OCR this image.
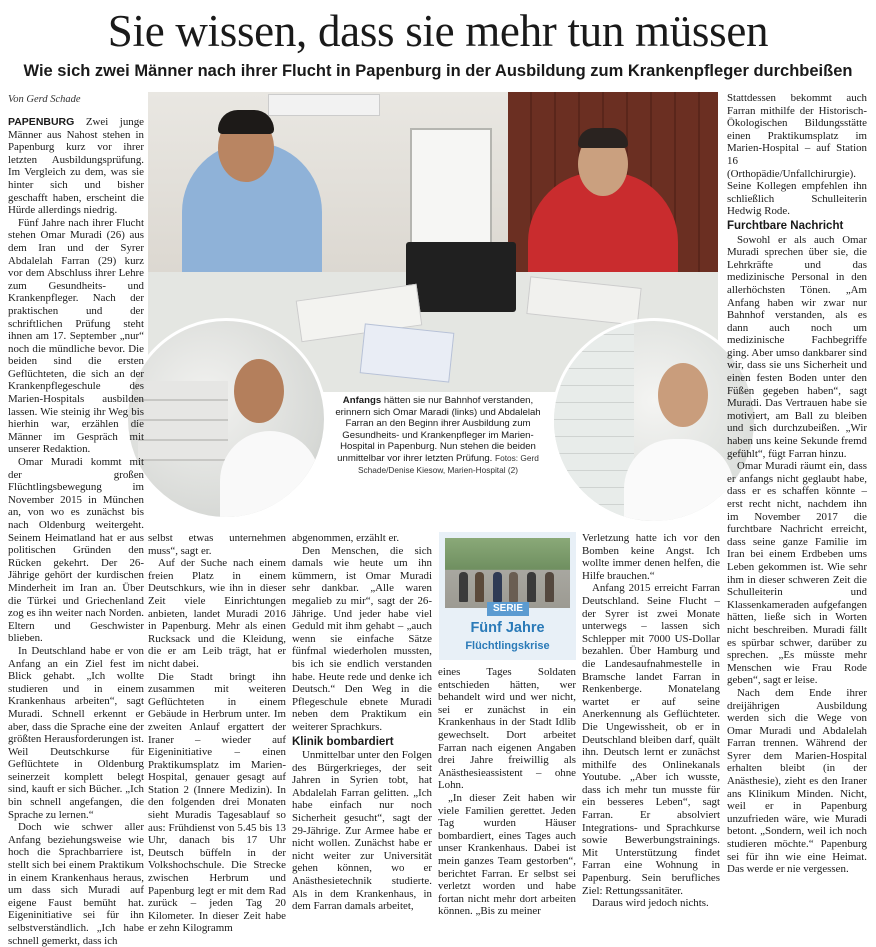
Sie wissen, dass sie mehr tun müssen
Wie sich zwei Männer nach ihrer Flucht in Papenburg in der Ausbildung zum Krankenpfleger durchbeißen
Von Gerd Schade
Anfangs hätten sie nur Bahnhof verstanden, erinnern sich Omar Maradi (links) und Abdalelah Farran an den Beginn ihrer Ausbildung zum Gesundheits- und Krankenpfleger im Marien-Hospital in Papenburg. Nun stehen die beiden unmittelbar vor ihrer letzten Prüfung. Fotos: Gerd Schade/Denise Kiesow, Marien-Hospital (2)

PAPENBURG Zwei junge Männer aus Nahost stehen in Papenburg kurz vor ihrer letzten Ausbildungsprüfung. Im Vergleich zu dem, was sie hinter sich und bisher geschafft haben, erscheint die Hürde allerdings niedrig.

Fünf Jahre nach ihrer Flucht stehen Omar Muradi (26) aus dem Iran und der Syrer Abdalelah Farran (29) kurz vor dem Abschluss ihrer Lehre zum Gesundheits- und Krankenpfleger. Nach der praktischen und der schriftlichen Prüfung steht ihnen am 17. September „nur“ noch die mündliche bevor. Die beiden sind die ersten Geflüchteten, die sich an der Krankenpflegeschule des Marien-Hospitals ausbilden lassen. Wie steinig ihr Weg bis hierhin war, erzählen die Männer im Gespräch mit unserer Redaktion.

Omar Muradi kommt mit der großen Flüchtlingsbewegung im November 2015 in München an, von wo es zunächst bis nach Oldenburg weitergeht. Seinem Heimatland hat er aus politischen Gründen den Rücken gekehrt. Der 26-Jährige gehört der kurdischen Minderheit im Iran an. Über die Türkei und Griechenland zog es ihn weiter nach Norden. Eltern und Geschwister blieben.

In Deutschland habe er von Anfang an ein Ziel fest im Blick gehabt. „Ich wollte studieren und in einem Krankenhaus arbeiten“, sagt Muradi. Schnell erkennt er aber, dass die Sprache eine der größten Herausforderungen ist. Weil Deutschkurse für Geflüchtete in Oldenburg seinerzeit komplett belegt sind, kauft er sich Bücher. „Ich bin schnell angefangen, die Sprache zu lernen.“

Doch wie schwer aller Anfang beziehungsweise wie hoch die Sprachbarriere ist, stellt sich bei einem Praktikum in einem Krankenhaus heraus, um dass sich Muradi auf eigene Faust bemüht hat. Eigeninitiative sei für ihn selbstverständlich. „Ich habe schnell gemerkt, dass ich

selbst etwas unternehmen muss“, sagt er.

Auf der Suche nach einem freien Platz in einem Deutschkurs, wie ihn in dieser Zeit viele Einrichtungen anbieten, landet Muradi 2016 in Papenburg. Mehr als einen Rucksack und die Kleidung, die er am Leib trägt, hat er nicht dabei.

Die Stadt bringt ihn zusammen mit weiteren Geflüchteten in einem Gebäude in Herbrum unter. Im zweiten Anlauf ergattert der Iraner – wieder auf Eigeninitiative – einen Praktikumsplatz im Marien-Hospital, genauer gesagt auf Station 2 (Innere Medizin). In den folgenden drei Monaten sieht Muradis Tagesablauf so aus: Frühdienst von 5.45 bis 13 Uhr, danach bis 17 Uhr Deutsch büffeln in der Volkshochschule. Die Strecke zwischen Herbrum und Papenburg legt er mit dem Rad zurück – jeden Tag 20 Kilometer. In dieser Zeit habe er zehn Kilogramm

abgenommen, erzählt er.

Den Menschen, die sich damals wie heute um ihn kümmern, ist Omar Muradi sehr dankbar. „Alle waren megalieb zu mir“, sagt der 26-Jährige. Und jeder habe viel Geduld mit ihm gehabt – „auch wenn sie einfache Sätze fünfmal wiederholen mussten, bis ich sie endlich verstanden habe. Heute rede und denke ich Deutsch.“ Den Weg in die Pflegeschule ebnete Muradi neben dem Praktikum ein weiterer Sprachkurs.

Klinik bombardiert

Unmittelbar unter den Folgen des Bürgerkrieges, der seit Jahren in Syrien tobt, hat Abdalelah Farran gelitten. „Ich habe einfach nur noch Sicherheit gesucht“, sagt der 29-Jährige. Zur Armee habe er nicht wollen. Zunächst habe er nicht weiter zur Universität gehen können, wo er Anästhesietechnik studierte. Als in dem Krankenhaus, in dem Farran damals arbeitet,

SERIE
Fünf Jahre
Flüchtlingskrise

eines Tages Soldaten entschieden hätten, wer behandelt wird und wer nicht, sei er zunächst in ein Krankenhaus in der Stadt Idlib gewechselt. Dort arbeitet Farran nach eigenen Angaben drei Jahre freiwillig als Anästhesieassistent – ohne Lohn.

„In dieser Zeit haben wir viele Familien gerettet. Jeden Tag wurden Häuser bombardiert, eines Tages auch unser Krankenhaus. Dabei ist mein ganzes Team gestorben“, berichtet Farran. Er selbst sei verletzt worden und habe fortan nicht mehr dort arbeiten können. „Bis zu meiner

Verletzung hatte ich vor den Bomben keine Angst. Ich wollte immer denen helfen, die Hilfe brauchen.“

Anfang 2015 erreicht Farran Deutschland. Seine Flucht – der Syrer ist zwei Monate unterwegs – lassen sich Schlepper mit 7000 US-Dollar bezahlen. Über Hamburg und die Landesaufnahmestelle in Bramsche landet Farran in Renkenberge. Monatelang wartet er auf seine Anerkennung als Geflüchteter. Die Ungewissheit, ob er in Deutschland bleiben darf, quält ihn. Deutsch lernt er zunächst mithilfe des Onlinekanals Youtube. „Aber ich wusste, dass ich mehr tun musste für ein besseres Leben“, sagt Farran. Er absolviert Integrations- und Sprachkurse sowie Bewerbungstrainings. Mit Unterstützung findet Farran eine Wohnung in Papenburg. Sein berufliches Ziel: Rettungssanitäter.

Daraus wird jedoch nichts.

Stattdessen bekommt auch Farran mithilfe der Historisch-Ökologischen Bildungsstätte einen Praktikumsplatz im Marien-Hospital – auf Station 16 (Orthopädie/Unfallchirurgie). Seine Kollegen empfehlen ihn schließlich Schulleiterin Hedwig Rode.

Furchtbare Nachricht

Sowohl er als auch Omar Muradi sprechen über sie, die Lehrkräfte und das medizinische Personal in den allerhöchsten Tönen. „Am Anfang haben wir zwar nur Bahnhof verstanden, als es dann auch noch um medizinische Fachbegriffe ging. Aber umso dankbarer sind wir, dass sie uns Sicherheit und einen festen Boden unter den Füßen gegeben haben“, sagt Muradi. Das Vertrauen habe sie motiviert, am Ball zu bleiben und sich durchzubeißen. „Wir haben uns keine Sekunde fremd gefühlt“, fügt Farran hinzu.

Omar Muradi räumt ein, dass er anfangs nicht geglaubt habe, dass er es schaffen könnte – erst recht nicht, nachdem ihn im November 2017 die furchtbare Nachricht erreicht, dass seine ganze Familie im Iran bei einem Erdbeben ums Leben gekommen ist. Wie sehr ihm in dieser schweren Zeit die Schulleiterin und Klassenkameraden aufgefangen hätten, ließe sich in Worten nicht beschreiben. Muradi fällt es spürbar schwer, darüber zu sprechen. „Es müsste mehr Menschen wie Frau Rode geben“, sagt er leise.

Nach dem Ende ihrer dreijährigen Ausbildung werden sich die Wege von Omar Muradi und Abdalelah Farran trennen. Während der Syrer dem Marien-Hospital erhalten bleibt (in der Anästhesie), zieht es den Iraner ans Klinikum Minden. Nicht, weil er in Papenburg unzufrieden wäre, wie Muradi betont. „Sondern, weil ich noch studieren möchte.“ Papenburg sei für ihn wie eine Heimat. Das werde er nie vergessen.
